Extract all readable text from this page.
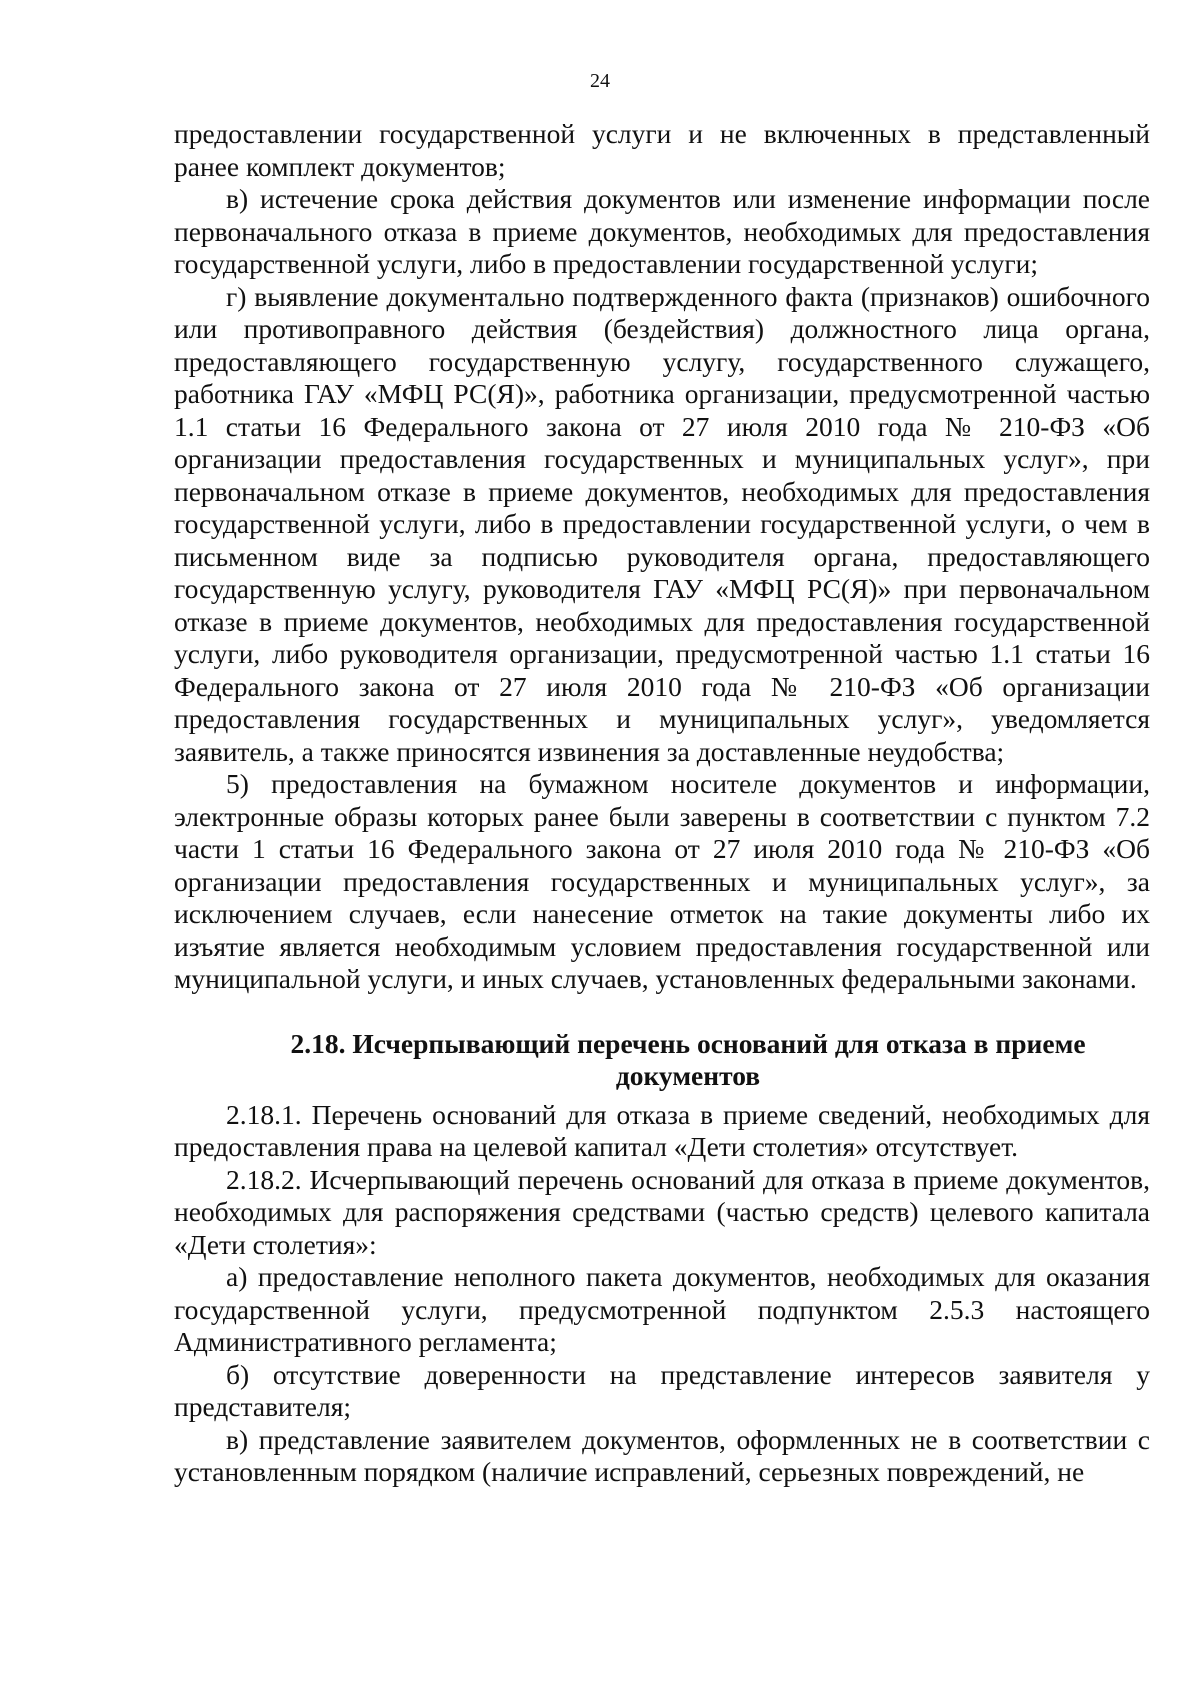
24

предоставлении государственной услуги и не включенных в представленный ранее комплект документов;

в) истечение срока действия документов или изменение информации после первоначального отказа в приеме документов, необходимых для предоставления государственной услуги, либо в предоставлении государственной услуги;

г) выявление документально подтвержденного факта (признаков) ошибочного или противоправного действия (бездействия) должностного лица органа, предоставляющего государственную услугу, государственного служащего, работника ГАУ «МФЦ РС(Я)», работника организации, предусмотренной частью 1.1 статьи 16 Федерального закона от 27 июля 2010 года № 210-ФЗ «Об организации предоставления государственных и муниципальных услуг», при первоначальном отказе в приеме документов, необходимых для предоставления государственной услуги, либо в предоставлении государственной услуги, о чем в письменном виде за подписью руководителя органа, предоставляющего государственную услугу, руководителя ГАУ «МФЦ РС(Я)» при первоначальном отказе в приеме документов, необходимых для предоставления государственной услуги, либо руководителя организации, предусмотренной частью 1.1 статьи 16 Федерального закона от 27 июля 2010 года № 210-ФЗ «Об организации предоставления государственных и муниципальных услуг», уведомляется заявитель, а также приносятся извинения за доставленные неудобства;

5) предоставления на бумажном носителе документов и информации, электронные образы которых ранее были заверены в соответствии с пунктом 7.2 части 1 статьи 16 Федерального закона от 27 июля 2010 года № 210-ФЗ «Об организации предоставления государственных и муниципальных услуг», за исключением случаев, если нанесение отметок на такие документы либо их изъятие является необходимым условием предоставления государственной или муниципальной услуги, и иных случаев, установленных федеральными законами.

2.18. Исчерпывающий перечень оснований для отказа в приеме документов

2.18.1. Перечень оснований для отказа в приеме сведений, необходимых для предоставления права на целевой капитал «Дети столетия» отсутствует.

2.18.2. Исчерпывающий перечень оснований для отказа в приеме документов, необходимых для распоряжения средствами (частью средств) целевого капитала «Дети столетия»:

а) предоставление неполного пакета документов, необходимых для оказания государственной услуги, предусмотренной подпунктом 2.5.3 настоящего Административного регламента;

б) отсутствие доверенности на представление интересов заявителя у представителя;

в) представление заявителем документов, оформленных не в соответствии с установленным порядком (наличие исправлений, серьезных повреждений, не
